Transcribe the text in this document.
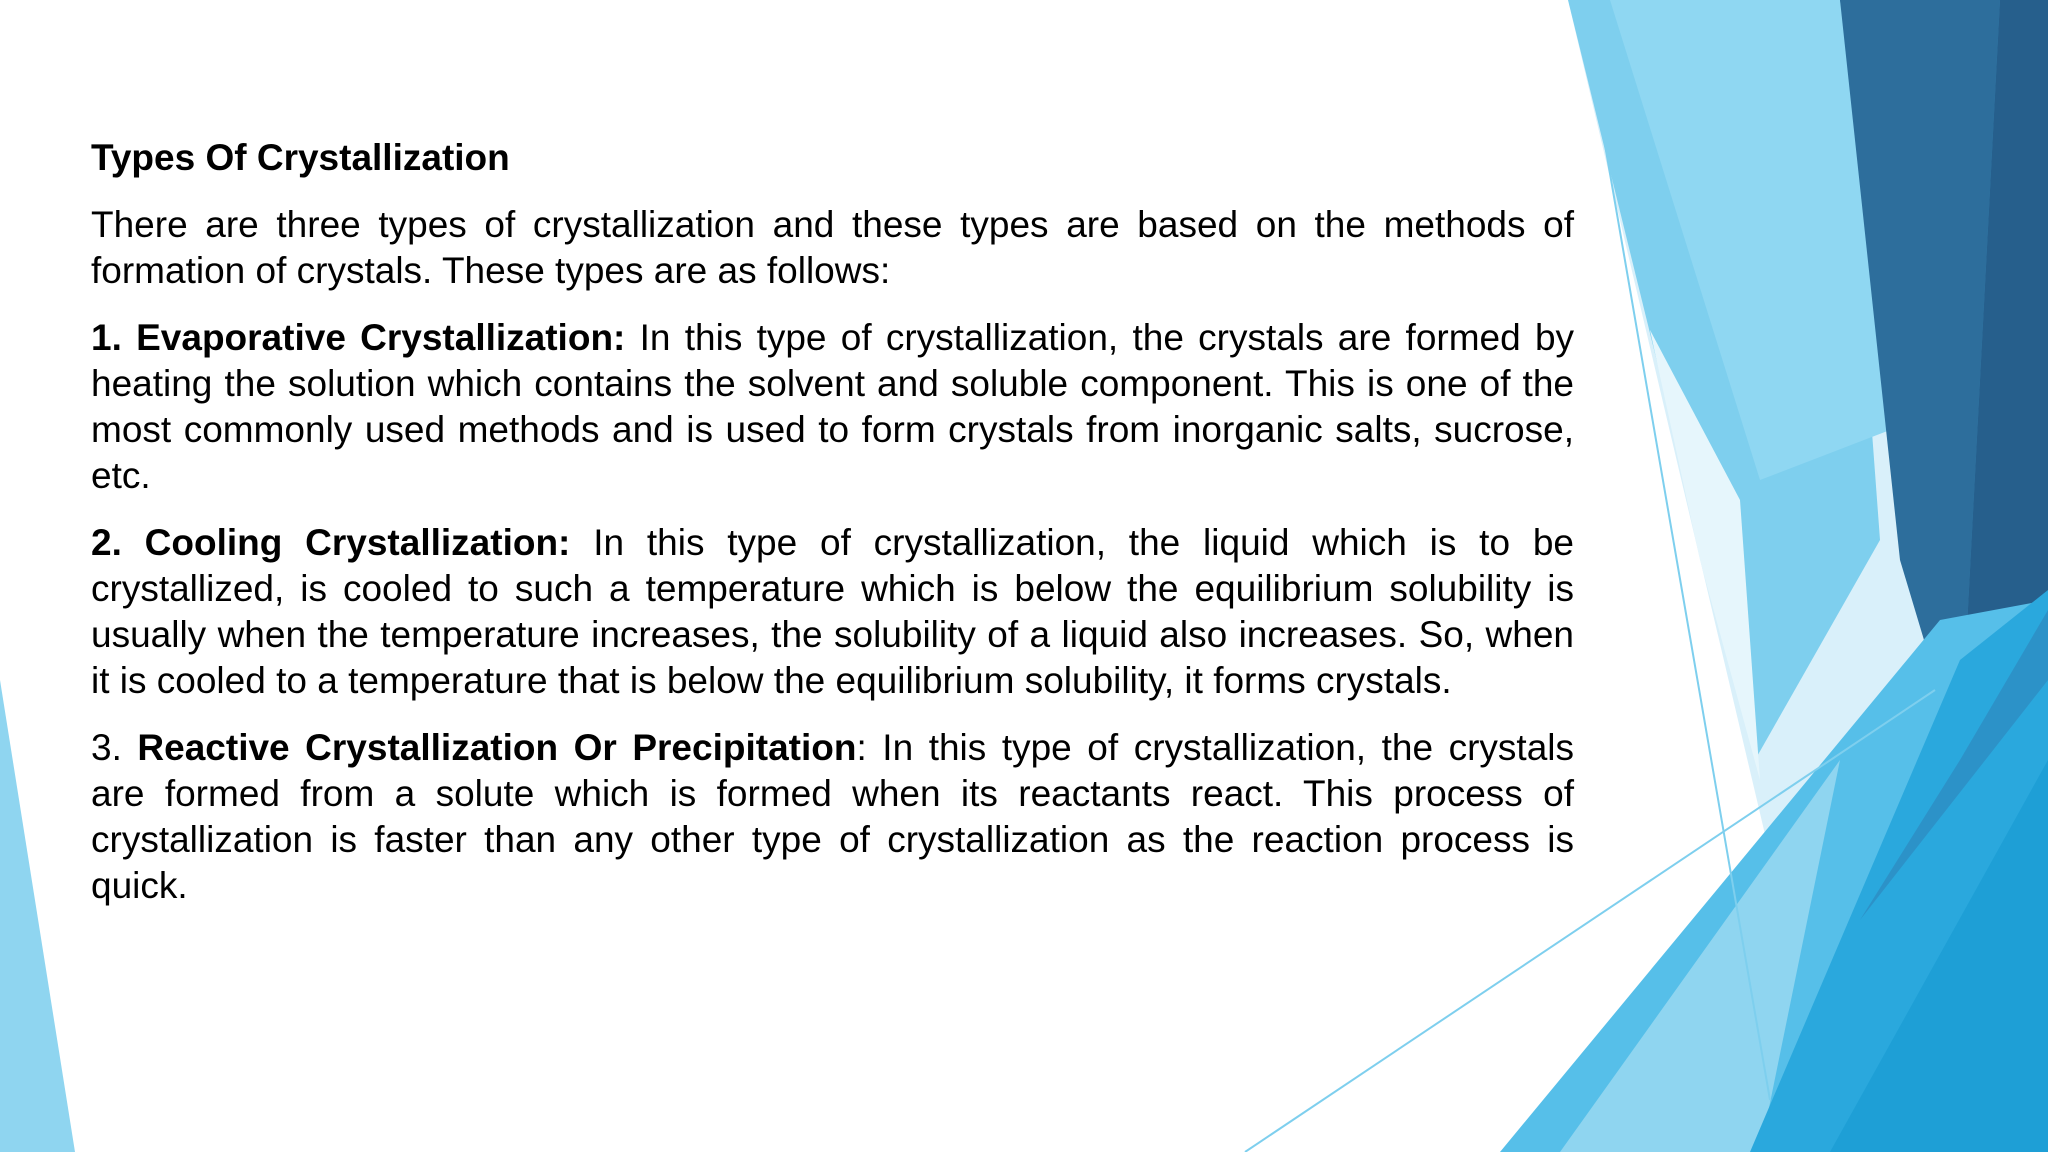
Types Of Crystallization

There are three types of crystallization and these types are based on the methods of formation of crystals. These types are as follows:

1. Evaporative Crystallization: In this type of crystallization, the crystals are formed by heating the solution which contains the solvent and soluble component. This is one of the most commonly used methods and is used to form crystals from inorganic salts, sucrose, etc.

2. Cooling Crystallization: In this type of crystallization, the liquid which is to be crystallized, is cooled to such a temperature which is below the equilibrium solubility is usually when the temperature increases, the solubility of a liquid also increases. So, when it is cooled to a temperature that is below the equilibrium solubility, it forms crystals.

3. Reactive Crystallization Or Precipitation: In this type of crystallization, the crystals are formed from a solute which is formed when its reactants react. This process of crystallization is faster than any other type of crystallization as the reaction process is quick.
